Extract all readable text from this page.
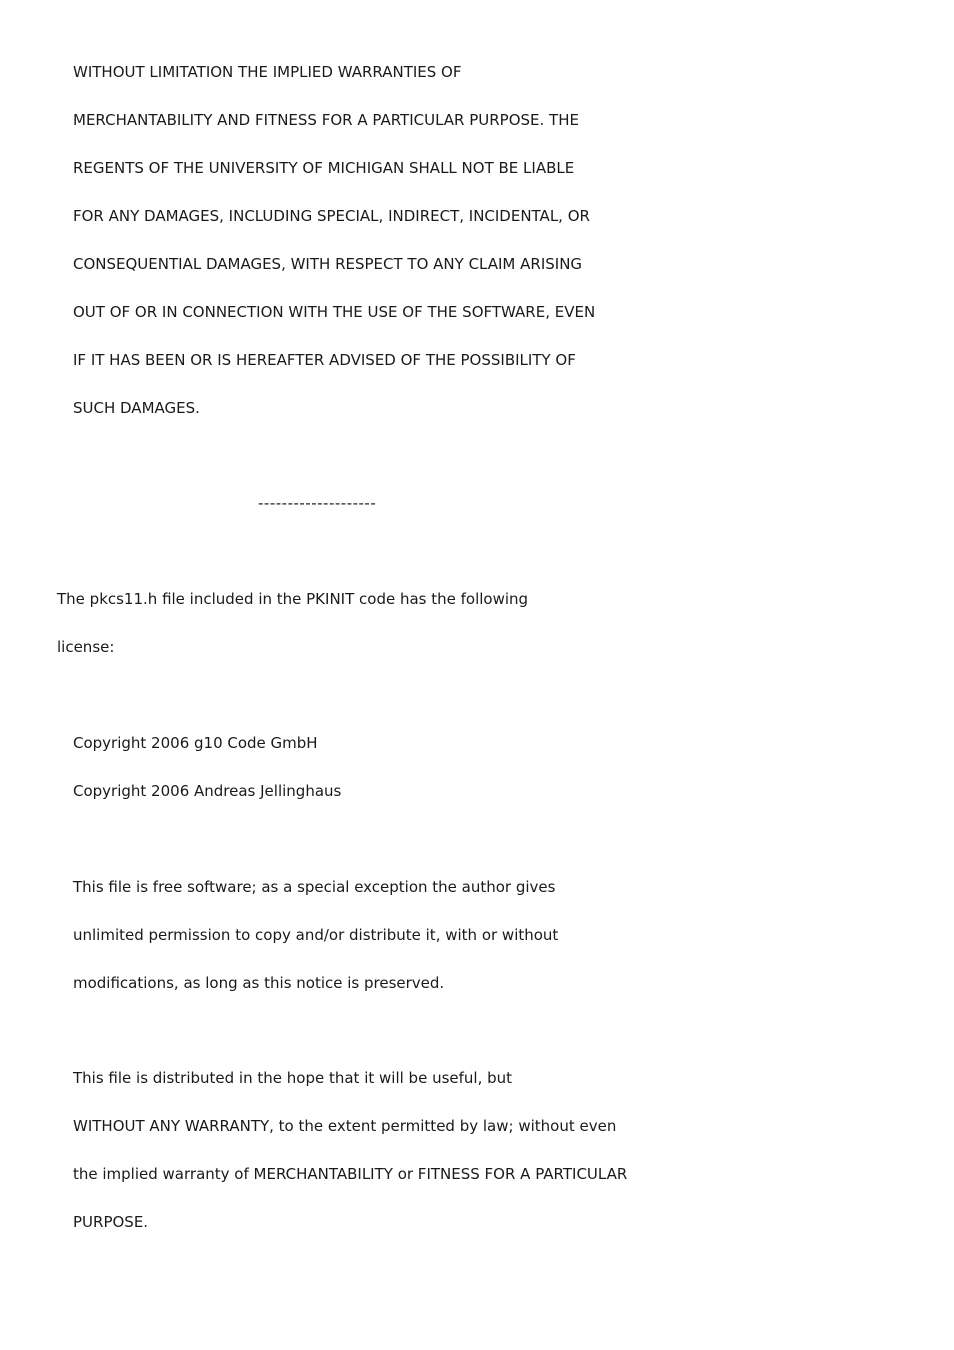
WITHOUT LIMITATION THE IMPLIED WARRANTIES OF
MERCHANTABILITY AND FITNESS FOR A PARTICULAR PURPOSE. THE
REGENTS OF THE UNIVERSITY OF MICHIGAN SHALL NOT BE LIABLE
FOR ANY DAMAGES, INCLUDING SPECIAL, INDIRECT, INCIDENTAL, OR
CONSEQUENTIAL DAMAGES, WITH RESPECT TO ANY CLAIM ARISING
OUT OF OR IN CONNECTION WITH THE USE OF THE SOFTWARE, EVEN
IF IT HAS BEEN OR IS HEREAFTER ADVISED OF THE POSSIBILITY OF
SUCH DAMAGES.
--------------------
The pkcs11.h file included in the PKINIT code has the following
license:
Copyright 2006 g10 Code GmbH
Copyright 2006 Andreas Jellinghaus
This file is free software; as a special exception the author gives
unlimited permission to copy and/or distribute it, with or without
modifications, as long as this notice is preserved.
This file is distributed in the hope that it will be useful, but
WITHOUT ANY WARRANTY, to the extent permitted by law; without even
the implied warranty of MERCHANTABILITY or FITNESS FOR A PARTICULAR
PURPOSE.
